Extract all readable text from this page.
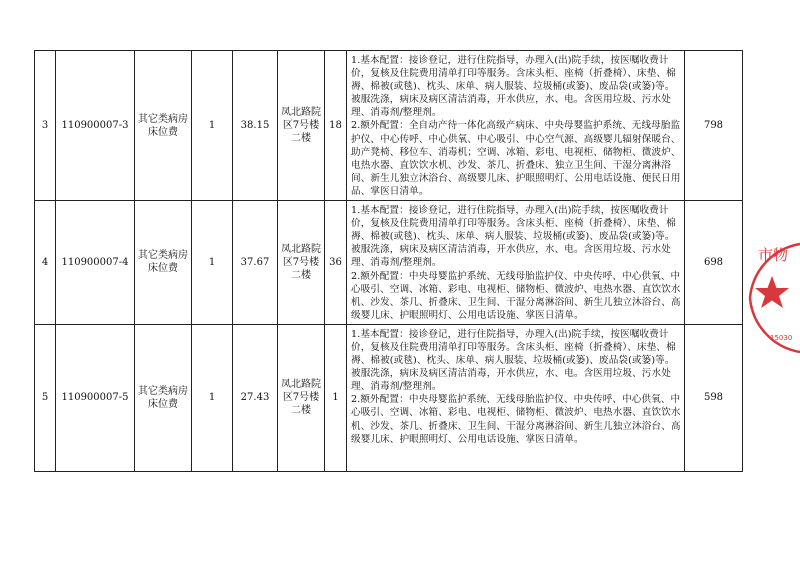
3	110900007-3	其它类病房床位费	1	38.15	凤北路院区7号楼二楼	18	1.基本配置：接诊登记，进行住院指导，办理入(出)院手续，按医嘱收费计价，复核及住院费用清单打印等服务。含床头柜、座椅（折叠椅）、床垫、棉褥、棉被(或毯)、枕头、床单、病人服装、垃圾桶(或篓)、废品袋(或篓)等。被服洗涤，病床及病区清洁消毒，开水供应，水、电。含医用垃圾、污水处理、消毒剂/整理剂。

2.额外配置：全自动产待一体化高级产病床、中央母婴监护系统、无线母胎监护仪、中心传呼、中心供氧、中心吸引、中心空气源、高级婴儿辐射保暖台、助产凳椅、移位车、消毒机；空调、冰箱、彩电、电视柜、储物柜、微波炉、电热水器、直饮饮水机、沙发、茶几、折叠床、独立卫生间、干湿分离淋浴间、新生儿独立沐浴台、高级婴儿床、护眼照明灯、公用电话设施、便民日用品、掌医日清单。	798
4	110900007-4	其它类病房床位费	1	37.67	凤北路院区7号楼二楼	36	1.基本配置：接诊登记，进行住院指导，办理入(出)院手续，按医嘱收费计价，复核及住院费用清单打印等服务。含床头柜、座椅（折叠椅）、床垫、棉褥、棉被(或毯)、枕头、床单、病人服装、垃圾桶(或篓)、废品袋(或篓)等。被服洗涤，病床及病区清洁消毒，开水供应，水、电。含医用垃圾、污水处理、消毒剂/整理剂。

2.额外配置：中央母婴监护系统、无线母胎监护仪、中央传呼、中心供氧、中心吸引、空调、冰箱、彩电、电视柜、储物柜、微波炉、电热水器、直饮饮水机、沙发、茶几、折叠床、卫生间、干湿分离淋浴间、新生儿独立沐浴台、高级婴儿床、护眼照明灯、公用电话设施、掌医日清单。	698
5	110900007-5	其它类病房床位费	1	27.43	凤北路院区7号楼二楼	1	1.基本配置：接诊登记，进行住院指导，办理入(出)院手续，按医嘱收费计价，复核及住院费用清单打印等服务。含床头柜、座椅（折叠椅）、床垫、棉褥、棉被(或毯)、枕头、床单、病人服装、垃圾桶(或篓)、废品袋(或篓)等。被服洗涤，病床及病区清洁消毒，开水供应，水、电。含医用垃圾、污水处理、消毒剂/整理剂。

2.额外配置：中央母婴监护系统、无线母胎监护仪、中央传呼、中心供氧、中心吸引、空调、冰箱、彩电、电视柜、储物柜、微波炉、电热水器、直饮饮水机、沙发、茶几、折叠床、卫生间、干湿分离淋浴间、新生儿独立沐浴台、高级婴儿床、护眼照明灯、公用电话设施、掌医日清单。	598
市物
15030
